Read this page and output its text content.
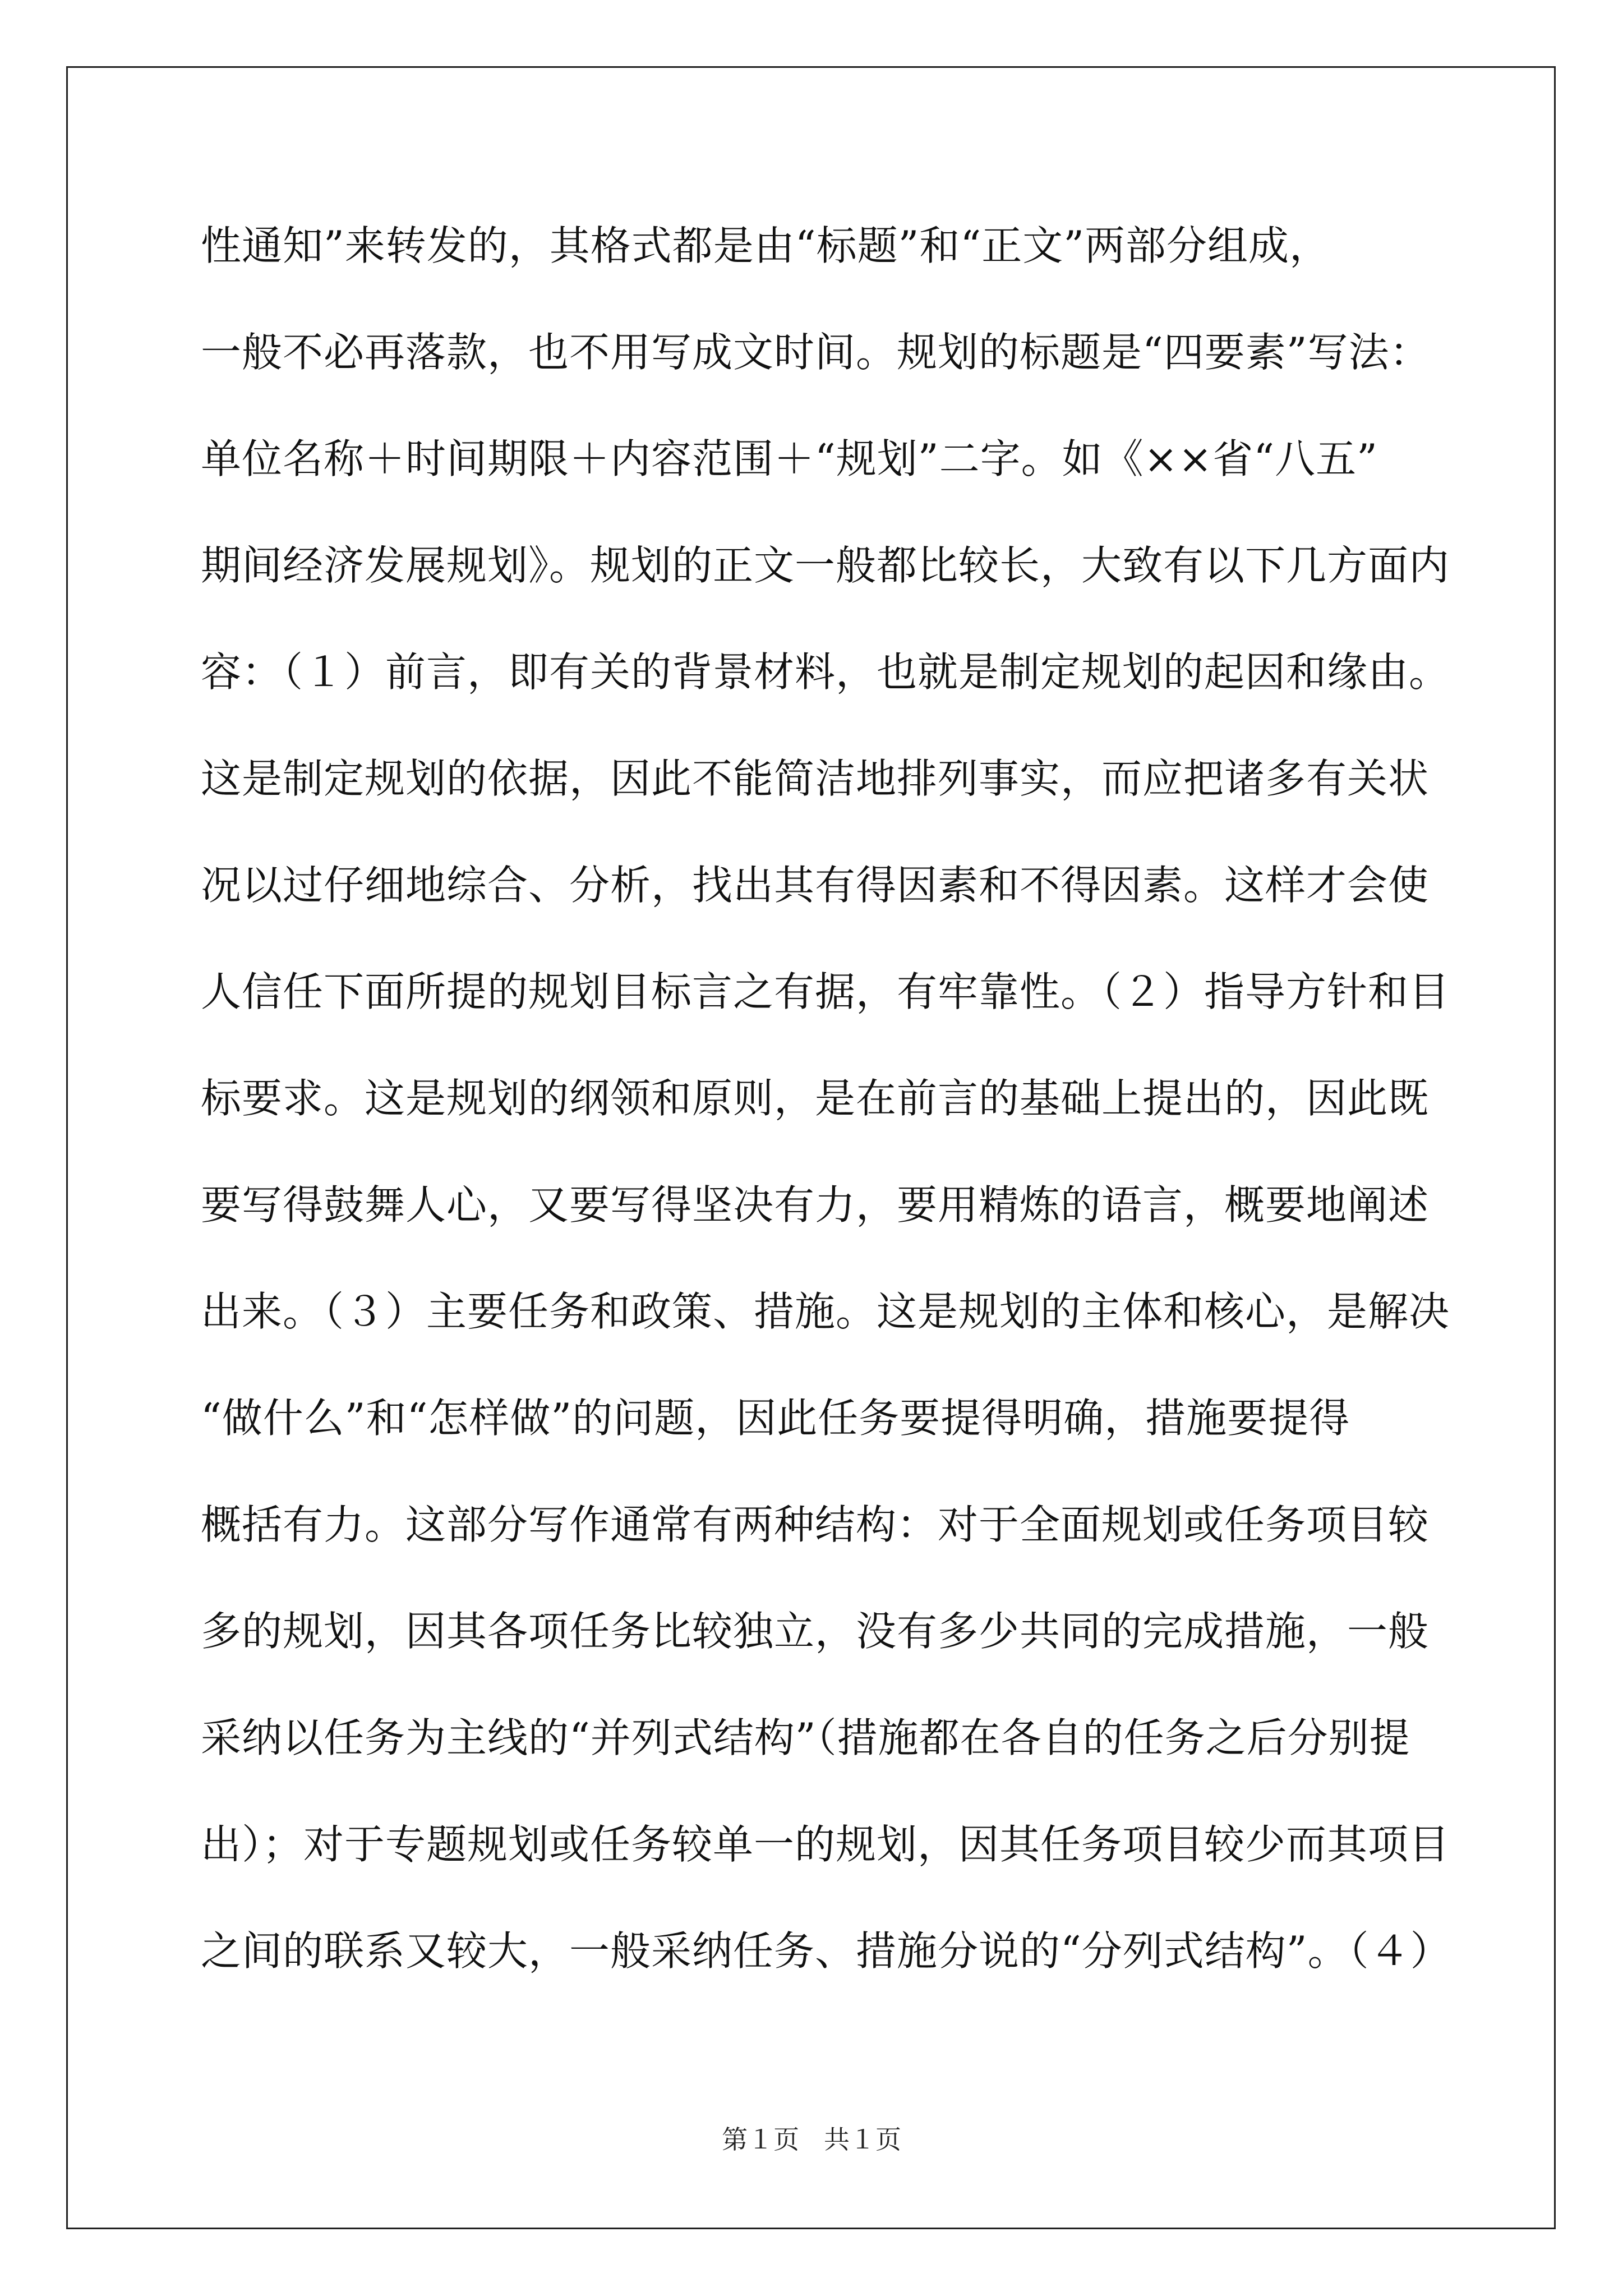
性通知”来转发的，其格式都是由“标题”和“正文”两部分组成，
一般不必再落款，也不用写成文时间。规划的标题是“四要素”写法：
单位名称＋时间期限＋内容范围＋“规划”二字。如《××省“八五”
期间经济发展规划》。规划的正文一般都比较长，大致有以下几方面内
容：（１）前言，即有关的背景材料，也就是制定规划的起因和缘由。
这是制定规划的依据，因此不能简洁地排列事实，而应把诸多有关状
况以过仔细地综合、分析，找出其有得因素和不得因素。这样才会使
人信任下面所提的规划目标言之有据，有牢靠性。（２）指导方针和目
标要求。这是规划的纲领和原则，是在前言的基础上提出的，因此既
要写得鼓舞人心，又要写得坚决有力，要用精炼的语言，概要地阐述
出来。（３）主要任务和政策、措施。这是规划的主体和核心，是解决
“做什么”和“怎样做”的问题，因此任务要提得明确，措施要提得
概括有力。这部分写作通常有两种结构：对于全面规划或任务项目较
多的规划，因其各项任务比较独立，没有多少共同的完成措施，一般
采纳以任务为主线的“并列式结构”（措施都在各自的任务之后分别提
出）；对于专题规划或任务较单一的规划，因其任务项目较少而其项目
之间的联系又较大，一般采纳任务、措施分说的“分列式结构”。（４）
第１页 共１页
